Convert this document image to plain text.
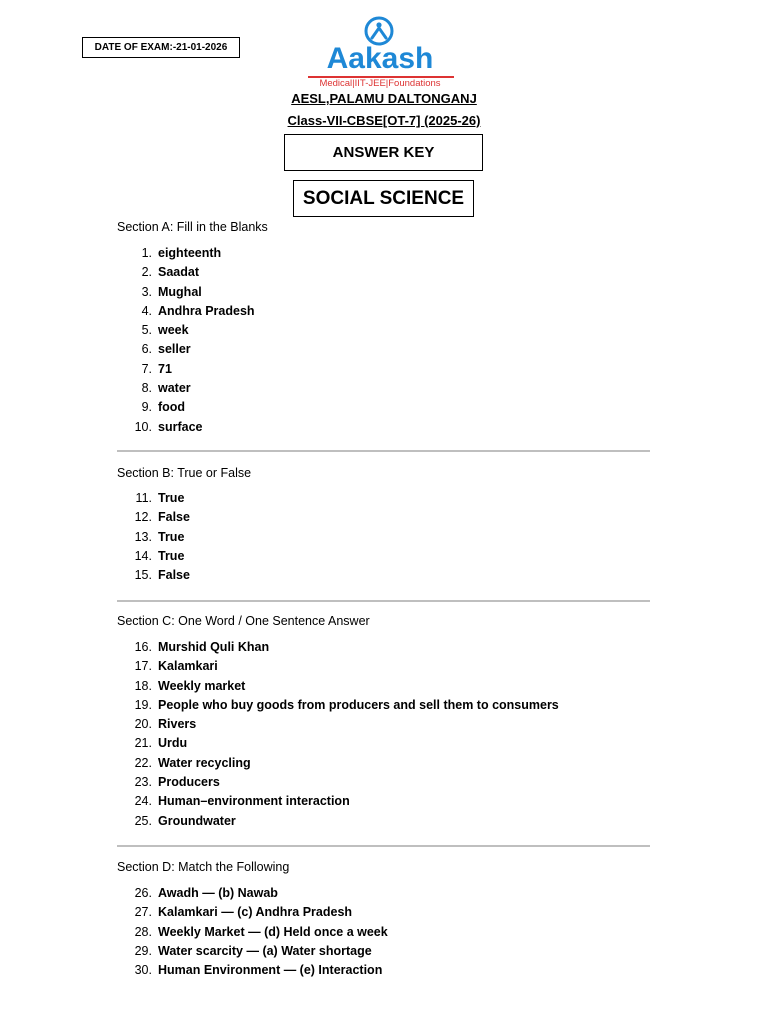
DATE OF EXAM:-21-01-2026	Aakash
Medical|IIT-JEE|Foundations
AESL,PALAMU DALTONGANJ
Class-VII-CBSE[OT-7] (2025-26)
ANSWER KEY
SOCIAL SCIENCE
Section A: Fill in the Blanks
1. eighteenth
2. Saadat
3. Mughal
4. Andhra Pradesh
5. week
6. seller
7. 71
8. water
9. food
10. surface
Section B: True or False
11. True
12. False
13. True
14. True
15. False
Section C: One Word / One Sentence Answer
16. Murshid Quli Khan
17. Kalamkari
18. Weekly market
19. People who buy goods from producers and sell them to consumers
20. Rivers
21. Urdu
22. Water recycling
23. Producers
24. Human–environment interaction
25. Groundwater
Section D: Match the Following
26. Awadh — (b) Nawab
27. Kalamkari — (c) Andhra Pradesh
28. Weekly Market — (d) Held once a week
29. Water scarcity — (a) Water shortage
30. Human Environment — (e) Interaction
